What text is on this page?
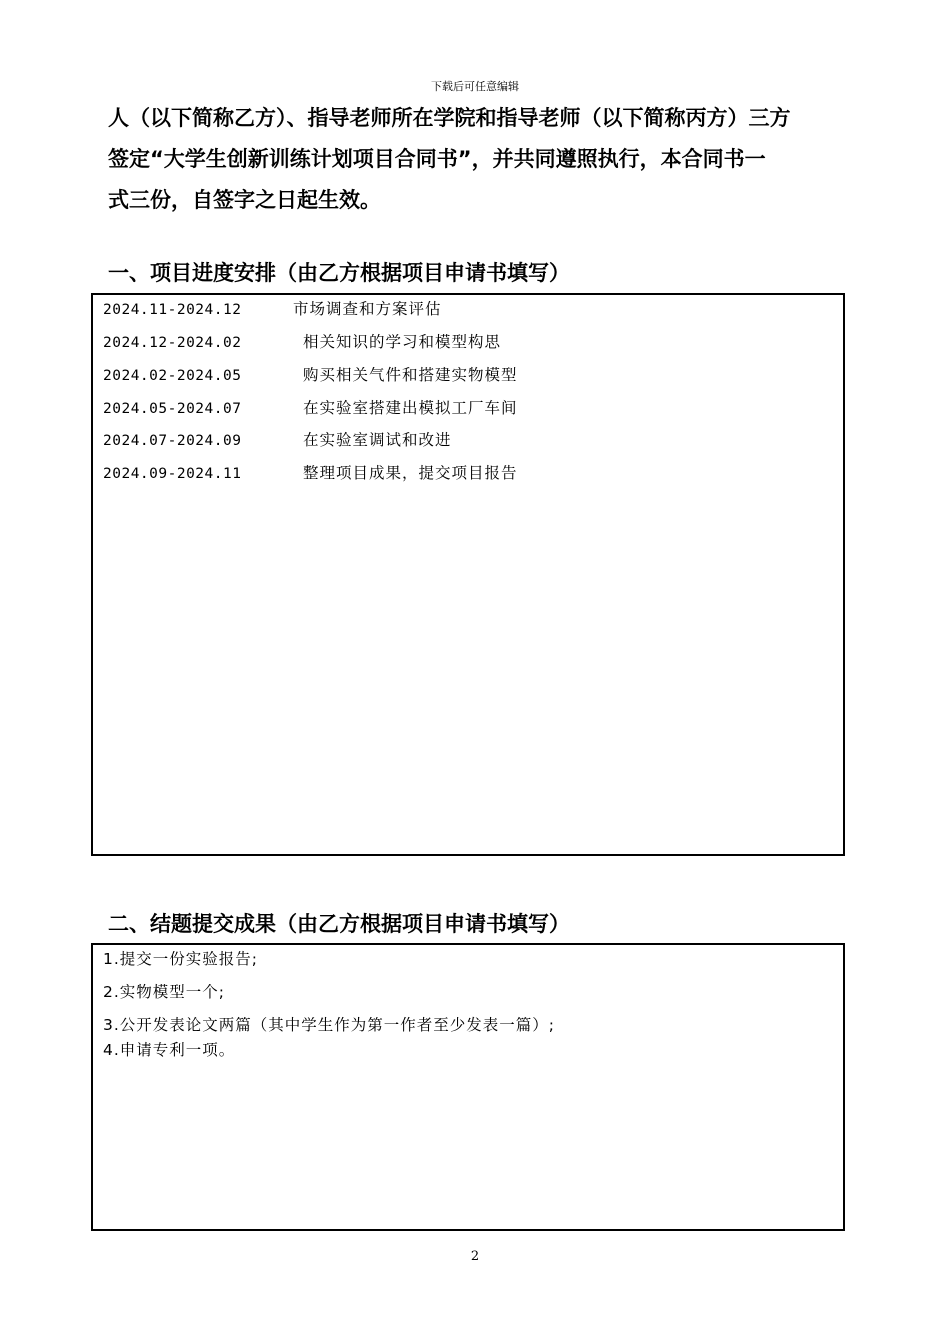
下载后可任意编辑
人（以下简称乙方）、指导老师所在学院和指导老师（以下简称丙方）三方
签定“大学生创新训练计划项目合同书”，并共同遵照执行，本合同书一
式三份，自签字之日起生效。
一、项目进度安排（由乙方根据项目申请书填写）
2024.11-2024.12	市场调查和方案评估
2024.12-2024.02	相关知识的学习和模型构思
2024.02-2024.05	购买相关气件和搭建实物模型
2024.05-2024.07	在实验室搭建出模拟工厂车间
2024.07-2024.09	在实验室调试和改进
2024.09-2024.11	整理项目成果，提交项目报告
二、结题提交成果（由乙方根据项目申请书填写）
1.提交一份实验报告;
2.实物模型一个;
3.公开发表论文两篇（其中学生作为第一作者至少发表一篇）;
4.申请专利一项。
2
